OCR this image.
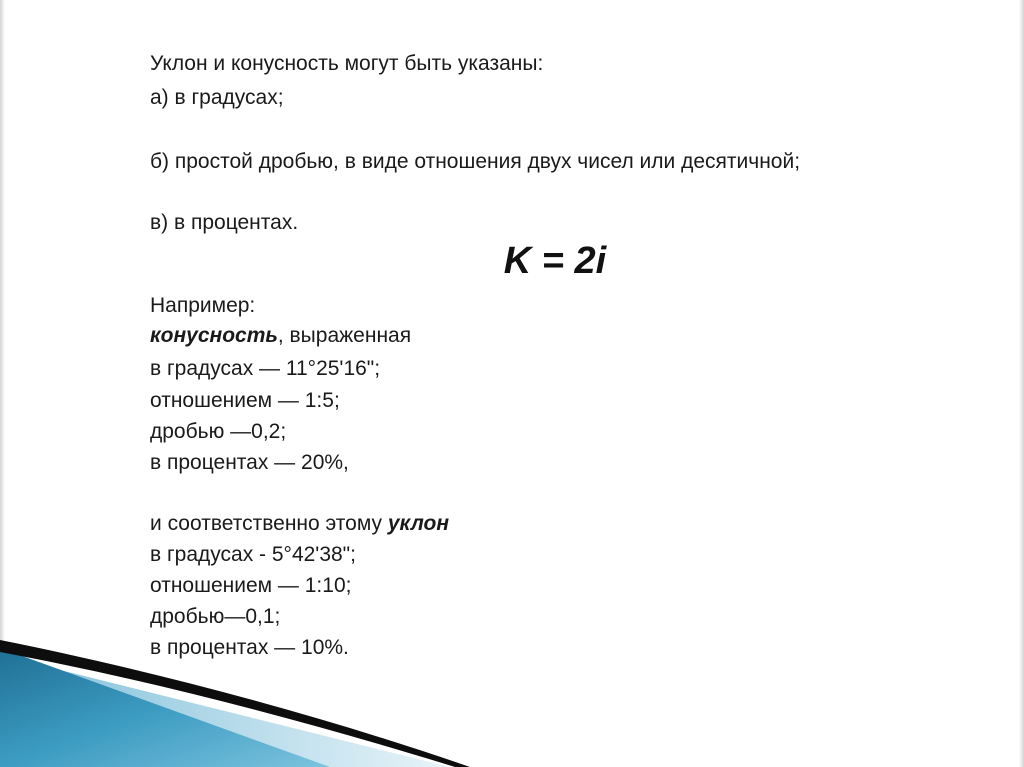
Уклон и конусность могут быть указаны:
а) в градусах;
б) простой дробью, в виде отношения двух чисел или десятичной;
в) в процентах.
K = 2i
Например:
конусность, выраженная
в градусах — 11°25'16";
отношением — 1:5;
дробью —0,2;
в процентах — 20%,
и соответственно этому уклон
в градусах - 5°42'38";
отношением — 1:10;
дробью—0,1;
в процентах — 10%.
